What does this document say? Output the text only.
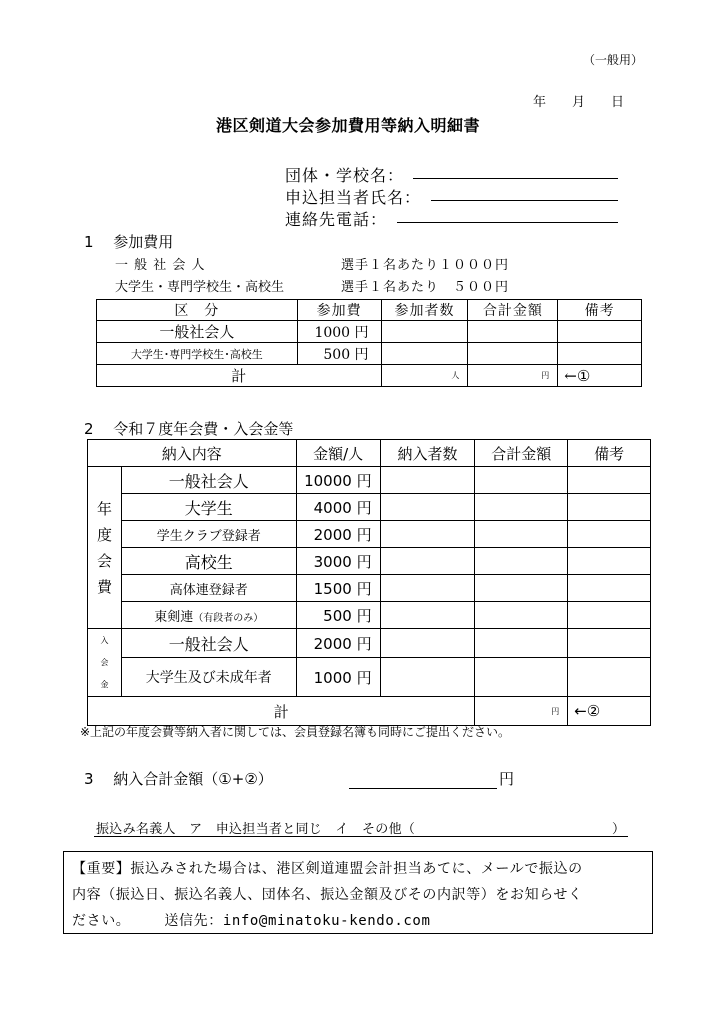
（一般用）
年　　月　　日
港区剣道大会参加費用等納入明細書
団体・学校名：
申込担当者氏名：
連絡先電話：
1　 参加費用
一 般 社 会 人	選手１名あたり１０００円
大学生・専門学校生・高校生	選手１名あたり　５００円
区　分	参加費	参加者数	合計金額	備考
一般社会人	1000 円			
大学生･専門学校生･高校生	500 円			
計		人	円	←①
2　 令和７度年会費・入会金等
納入内容		金額/人	納入者数	合計金額	備考

年
度
会
費	一般社会人	10000 円			
	大学生	4000 円			
	学生クラブ登録者	2000 円			
	高校生	3000 円			
	高体連登録者	1500 円			
	東剣連（有段者のみ）	500 円			

入
会
金	一般社会人	2000 円			
	大学生及び未成年者	1000 円			
計				円	←②
※上記の年度会費等納入者に関しては、会員登録名簿も同時にご提出ください。
3　 納入合計金額（①+②）	円
振込み名義人　ア　申込担当者と同じ　イ　その他（	）
【重要】振込みされた場合は、港区剣道連盟会計担当あてに、メールで振込の
内容（振込日、振込名義人、団体名、振込金額及びその内訳等）をお知らせく
ださい。 送信先：info@minatoku-kendo.com
